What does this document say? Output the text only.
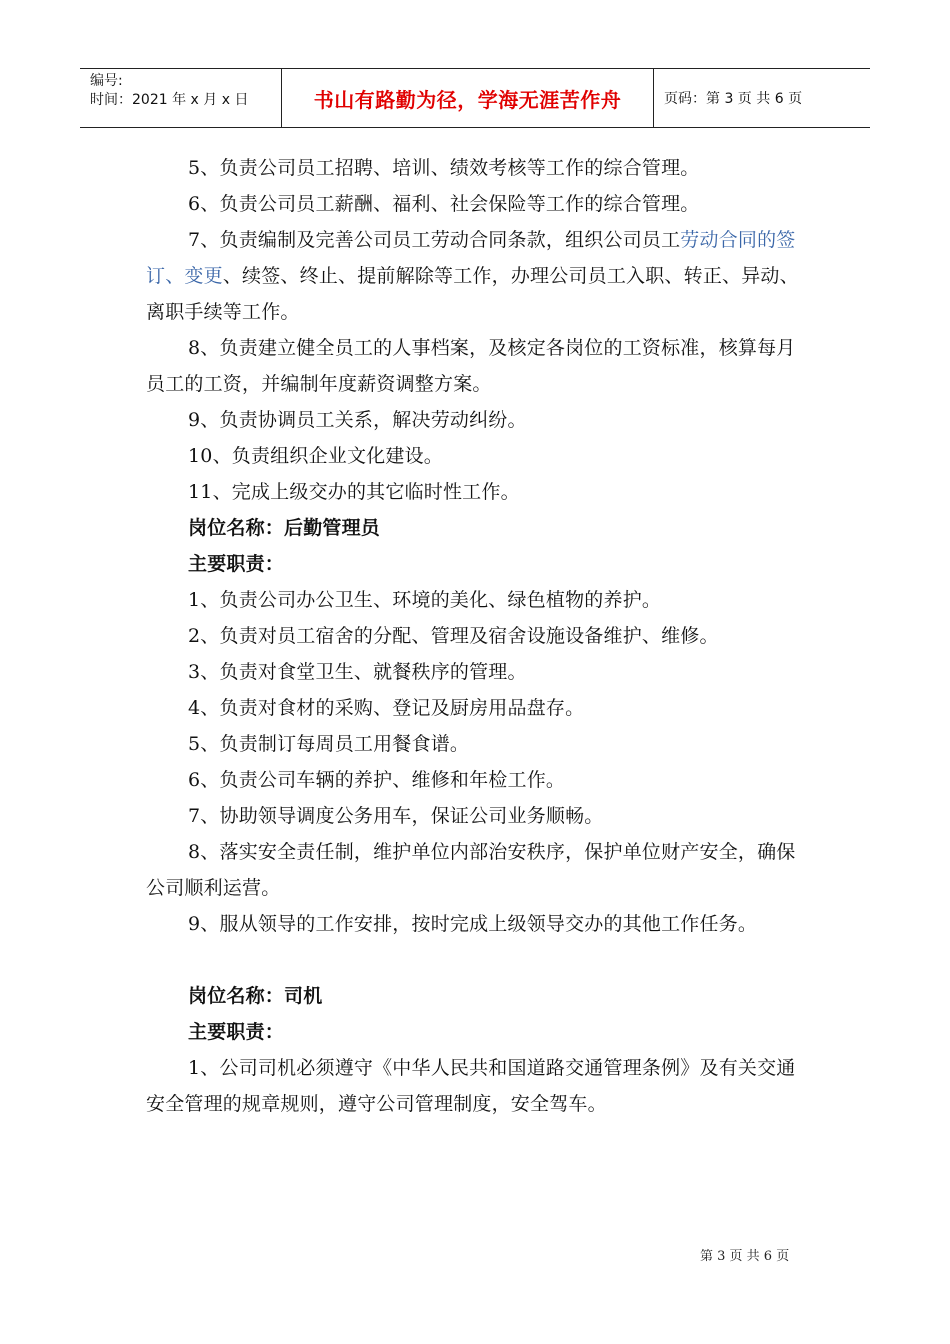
编号:
时间：2021 年 x 月 x 日	书山有路勤为径，学海无涯苦作舟	页码：第 3 页 共 6 页

5、负责公司员工招聘、培训、绩效考核等工作的综合管理。

6、负责公司员工薪酬、福利、社会保险等工作的综合管理。

7、负责编制及完善公司员工劳动合同条款，组织公司员工劳动合同的签订、变更、续签、终止、提前解除等工作，办理公司员工入职、转正、异动、离职手续等工作。

8、负责建立健全员工的人事档案，及核定各岗位的工资标准，核算每月员工的工资，并编制年度薪资调整方案。

9、负责协调员工关系，解决劳动纠纷。

10、负责组织企业文化建设。

11、完成上级交办的其它临时性工作。

岗位名称：后勤管理员

主要职责：

1、负责公司办公卫生、环境的美化、绿色植物的养护。

2、负责对员工宿舍的分配、管理及宿舍设施设备维护、维修。

3、负责对食堂卫生、就餐秩序的管理。

4、负责对食材的采购、登记及厨房用品盘存。

5、负责制订每周员工用餐食谱。

6、负责公司车辆的养护、维修和年检工作。

7、协助领导调度公务用车，保证公司业务顺畅。

8、落实安全责任制，维护单位内部治安秩序，保护单位财产安全，确保公司顺利运营。

9、服从领导的工作安排，按时完成上级领导交办的其他工作任务。

岗位名称：司机

主要职责：

1、公司司机必须遵守《中华人民共和国道路交通管理条例》及有关交通安全管理的规章规则，遵守公司管理制度，安全驾车。

第 3 页 共 6 页
